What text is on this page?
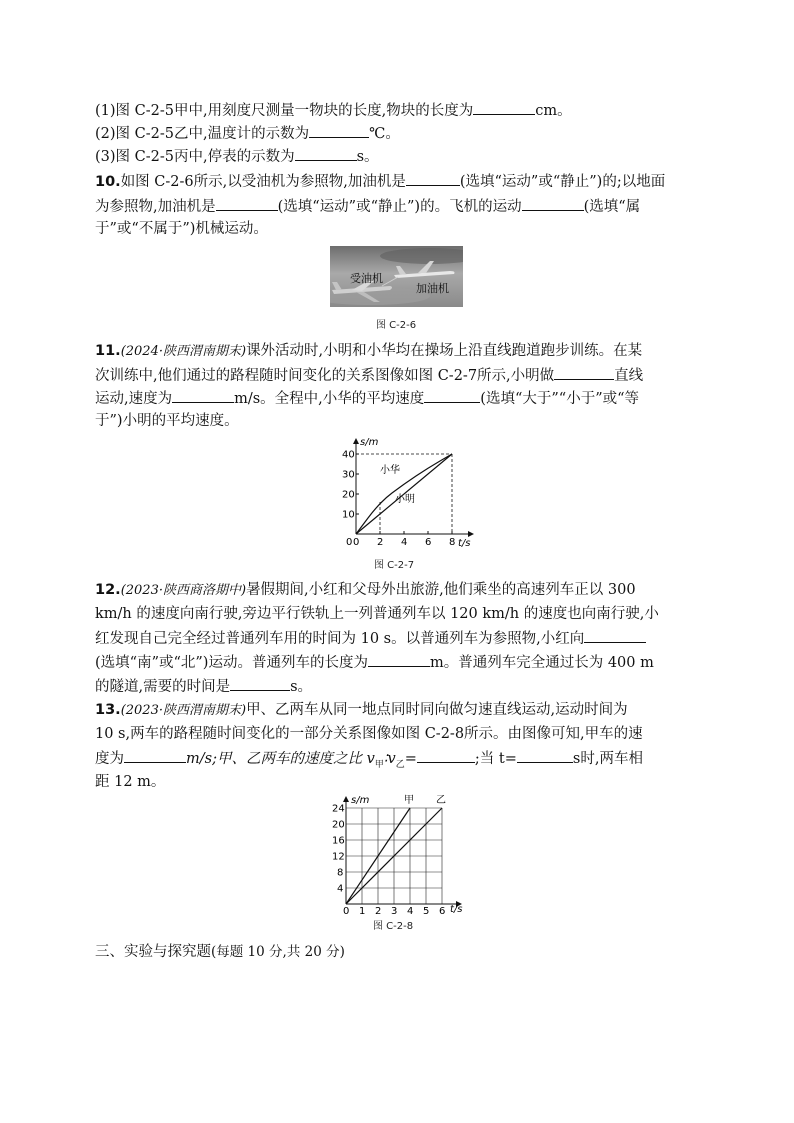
(1)图 C-2-5甲中,用刻度尺测量一物块的长度,物块的长度为	cm。
(2)图 C-2-5乙中,温度计的示数为	℃。
(3)图 C-2-5丙中,停表的示数为	s。
10.如图 C-2-6所示,以受油机为参照物,加油机是	(选填“运动”或“静止”)的;以地面
为参照物,加油机是	(选填“运动”或“静止”)的。飞机的运动	(选填“属
于”或“不属于”)机械运动。
受油机
加油机
图 C-2-6
11.(2024·陕西渭南期末)课外活动时,小明和小华均在操场上沿直线跑道跑步训练。在某
次训练中,他们通过的路程随时间变化的关系图像如图 C-2-7所示,小明做	直线
运动,速度为	m/s。全程中,小华的平均速度	(选填“大于”“小于”或“等
于”)小明的平均速度。
0 2 4 6 8
10
20
30
40
0
s/m
t/s
小华
小明
图 C-2-7
12.(2023·陕西商洛期中)暑假期间,小红和父母外出旅游,他们乘坐的高速列车正以 300
km/h 的速度向南行驶,旁边平行铁轨上一列普通列车以 120 km/h 的速度也向南行驶,小
红发现自己完全经过普通列车用的时间为 10 s。以普通列车为参照物,小红向
(选填“南”或“北”)运动。普通列车的长度为	m。普通列车完全通过长为 400 m
的隧道,需要的时间是	s。
13.(2023·陕西渭南期末)甲、乙两车从同一地点同时同向做匀速直线运动,运动时间为
10 s,两车的路程随时间变化的一部分关系图像如图 C-2-8所示。由图像可知,甲车的速
度为	m/s;甲、乙两车的速度之比 $v_甲∶v_乙=$	;当 t=	s时,两车相
距 12 m。
0 1 2 3 4 5 6
4
8
12
16
20
24
s/m
t/s
甲 乙
图 C-2-8
三、实验与探究题(每题 10 分,共 20 分)
